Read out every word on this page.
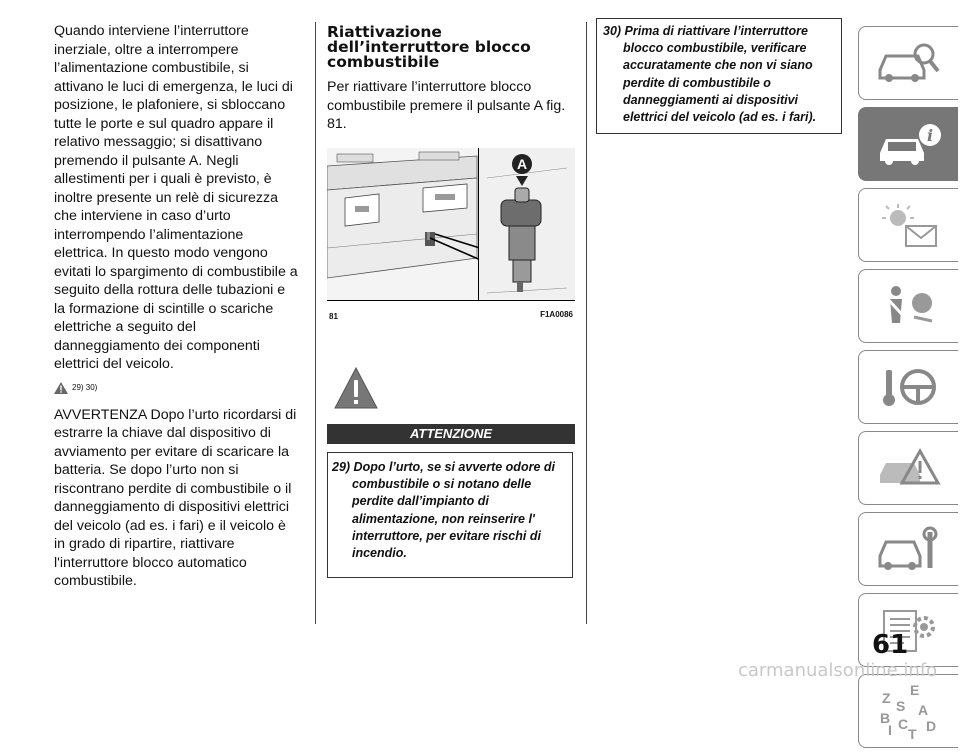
Quando interviene l’interruttore inerziale, oltre a interrompere l’alimentazione combustibile, si attivano le luci di emergenza, le luci di posizione, le plafoniere, si sbloccano tutte le porte e sul quadro appare il relativo messaggio; si disattivano premendo il pulsante A. Negli allestimenti per i quali è previsto, è inoltre presente un relè di sicurezza che interviene in caso d’urto interrompendo l’alimentazione elettrica. In questo modo vengono evitati lo spargimento di combustibile a seguito della rottura delle tubazioni e la formazione di scintille o scariche elettriche a seguito del danneggiamento dei componenti elettrici del veicolo.

29) 30)

AVVERTENZA Dopo l’urto ricordarsi di estrarre la chiave dal dispositivo di avviamento per evitare di scaricare la batteria. Se dopo l’urto non si riscontrano perdite di combustibile o il danneggiamento di dispositivi elettrici del veicolo (ad es. i fari) e il veicolo è in grado di ripartire, riattivare l'interruttore blocco automatico combustibile.

Riattivazione dell’interruttore blocco combustibile

Per riattivare l’interruttore blocco combustibile premere il pulsante A fig. 81.

A
81	F1A0086
ATTENZIONE

29) Dopo l’urto, se si avverte odore di combustibile o si notano delle perdite dall’impianto di alimentazione, non reinserire l' interruttore, per evitare rischi di incendio.

30) Prima di riattivare l’interruttore blocco combustibile, verificare accuratamente che non vi siano perdite di combustibile o danneggiamenti ai dispositivi elettrici del veicolo (ad es. i fari).

i
Z E
S A
B C
I D
T
61
carmanualsonline.info
